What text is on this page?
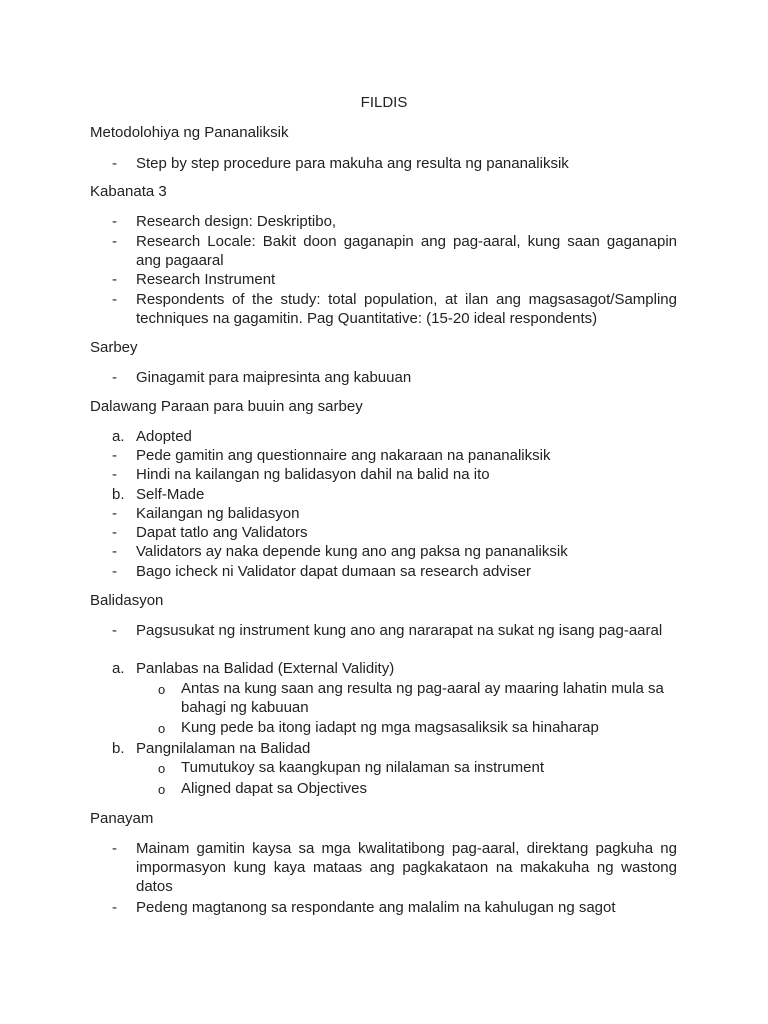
FILDIS
Metodolohiya ng Pananaliksik
- Step by step procedure para makuha ang resulta ng pananaliksik
Kabanata 3
- Research design: Deskriptibo,
- Research Locale: Bakit doon gaganapin ang pag-aaral, kung saan gaganapin ang pagaaral
- Research Instrument
- Respondents of the study: total population, at ilan ang magsasagot/Sampling techniques na gagamitin. Pag Quantitative: (15-20 ideal respondents)
Sarbey
- Ginagamit para maipresinta ang kabuuan
Dalawang Paraan para buuin ang sarbey
a. Adopted
- Pede gamitin ang questionnaire ang nakaraan na pananaliksik
- Hindi na kailangan ng balidasyon dahil na balid na ito
b. Self-Made
- Kailangan ng balidasyon
- Dapat tatlo ang Validators
- Validators ay naka depende kung ano ang paksa ng pananaliksik
- Bago icheck ni Validator dapat dumaan sa research adviser
Balidasyon
- Pagsusukat ng instrument kung ano ang nararapat na sukat ng isang pag-aaral
a. Panlabas na Balidad (External Validity)
o Antas na kung saan ang resulta ng pag-aaral ay maaring lahatin mula sa bahagi ng kabuuan
o Kung pede ba itong iadapt ng mga magsasaliksik sa hinaharap
b. Pangnilalaman na Balidad
o Tumutukoy sa kaangkupan ng nilalaman sa instrument
o Aligned dapat sa Objectives
Panayam
- Mainam gamitin kaysa sa mga kwalitatibong pag-aaral, direktang pagkuha ng impormasyon kung kaya mataas ang pagkakataon na makakuha ng wastong datos
- Pedeng magtanong sa respondante ang malalim na kahulugan ng sagot
